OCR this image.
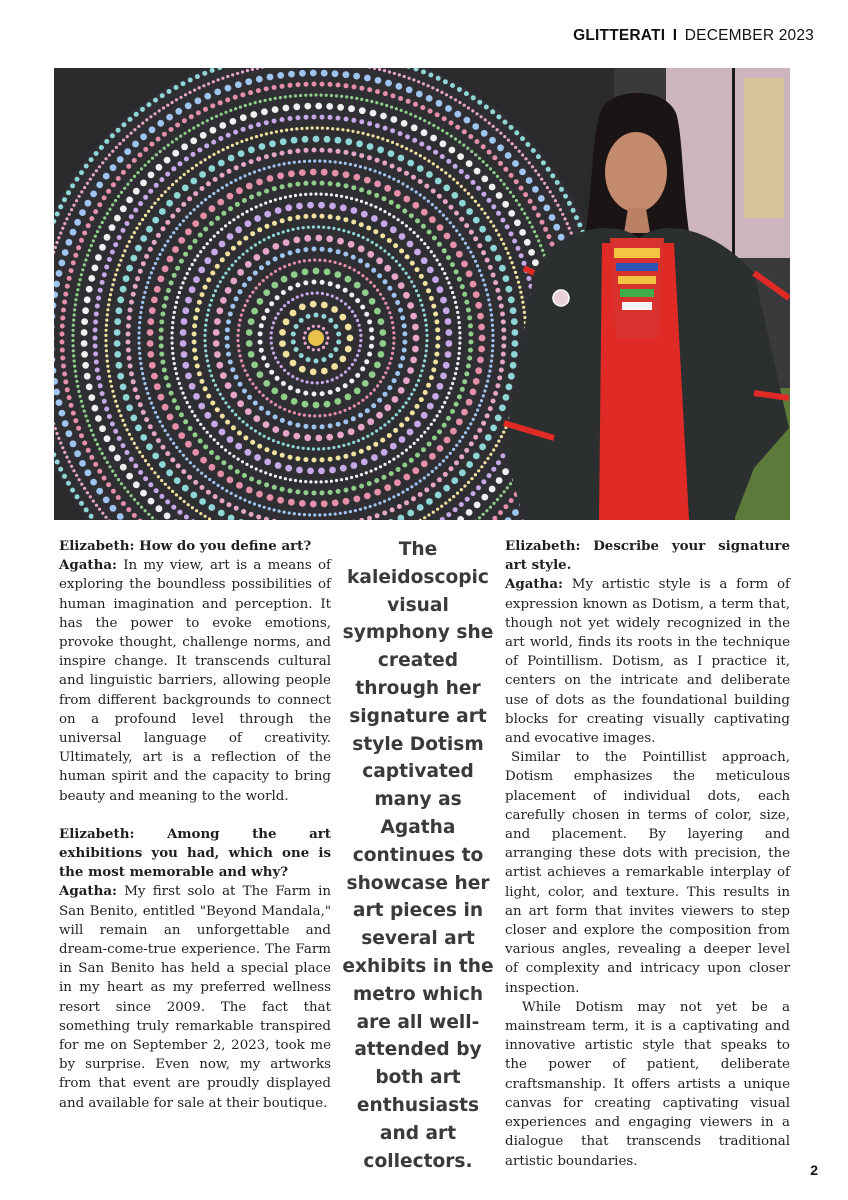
GLITTERATI I DECEMBER 2023

Elizabeth: How do you define art?

Agatha: In my view, art is a means of exploring the boundless possibilities of human imagination and perception. It has the power to evoke emotions, provoke thought, challenge norms, and inspire change. It transcends cultural and linguistic barriers, allowing people from different backgrounds to connect on a profound level through the universal language of creativity. Ultimately, art is a reflection of the human spirit and the capacity to bring beauty and meaning to the world.

Elizabeth: Among the art exhibitions you had, which one is the most memorable and why?

Agatha: My first solo at The Farm in San Benito, entitled "Beyond Mandala," will remain an unforgettable and dream-come-true experience. The Farm in San Benito has held a special place in my heart as my preferred wellness resort since 2009. The fact that something truly remarkable transpired for me on September 2, 2023, took me by surprise. Even now, my artworks from that event are proudly displayed and available for sale at their boutique.

The kaleidoscopic visual symphony she created through her signature art style Dotism captivated many as Agatha continues to showcase her art pieces in several art exhibits in the metro which are all well-attended by both art enthusiasts and art collectors.

Elizabeth: Describe your signature art style.

Agatha: My artistic style is a form of expression known as Dotism, a term that, though not yet widely recognized in the art world, finds its roots in the technique of Pointillism. Dotism, as I practice it, centers on the intricate and deliberate use of dots as the foundational building blocks for creating visually captivating and evocative images.

Similar to the Pointillist approach, Dotism emphasizes the meticulous placement of individual dots, each carefully chosen in terms of color, size, and placement. By layering and arranging these dots with precision, the artist achieves a remarkable interplay of light, color, and texture. This results in an art form that invites viewers to step closer and explore the composition from various angles, revealing a deeper level of complexity and intricacy upon closer inspection.

While Dotism may not yet be a mainstream term, it is a captivating and innovative artistic style that speaks to the power of patient, deliberate craftsmanship. It offers artists a unique canvas for creating captivating visual experiences and engaging viewers in a dialogue that transcends traditional artistic boundaries.

2
